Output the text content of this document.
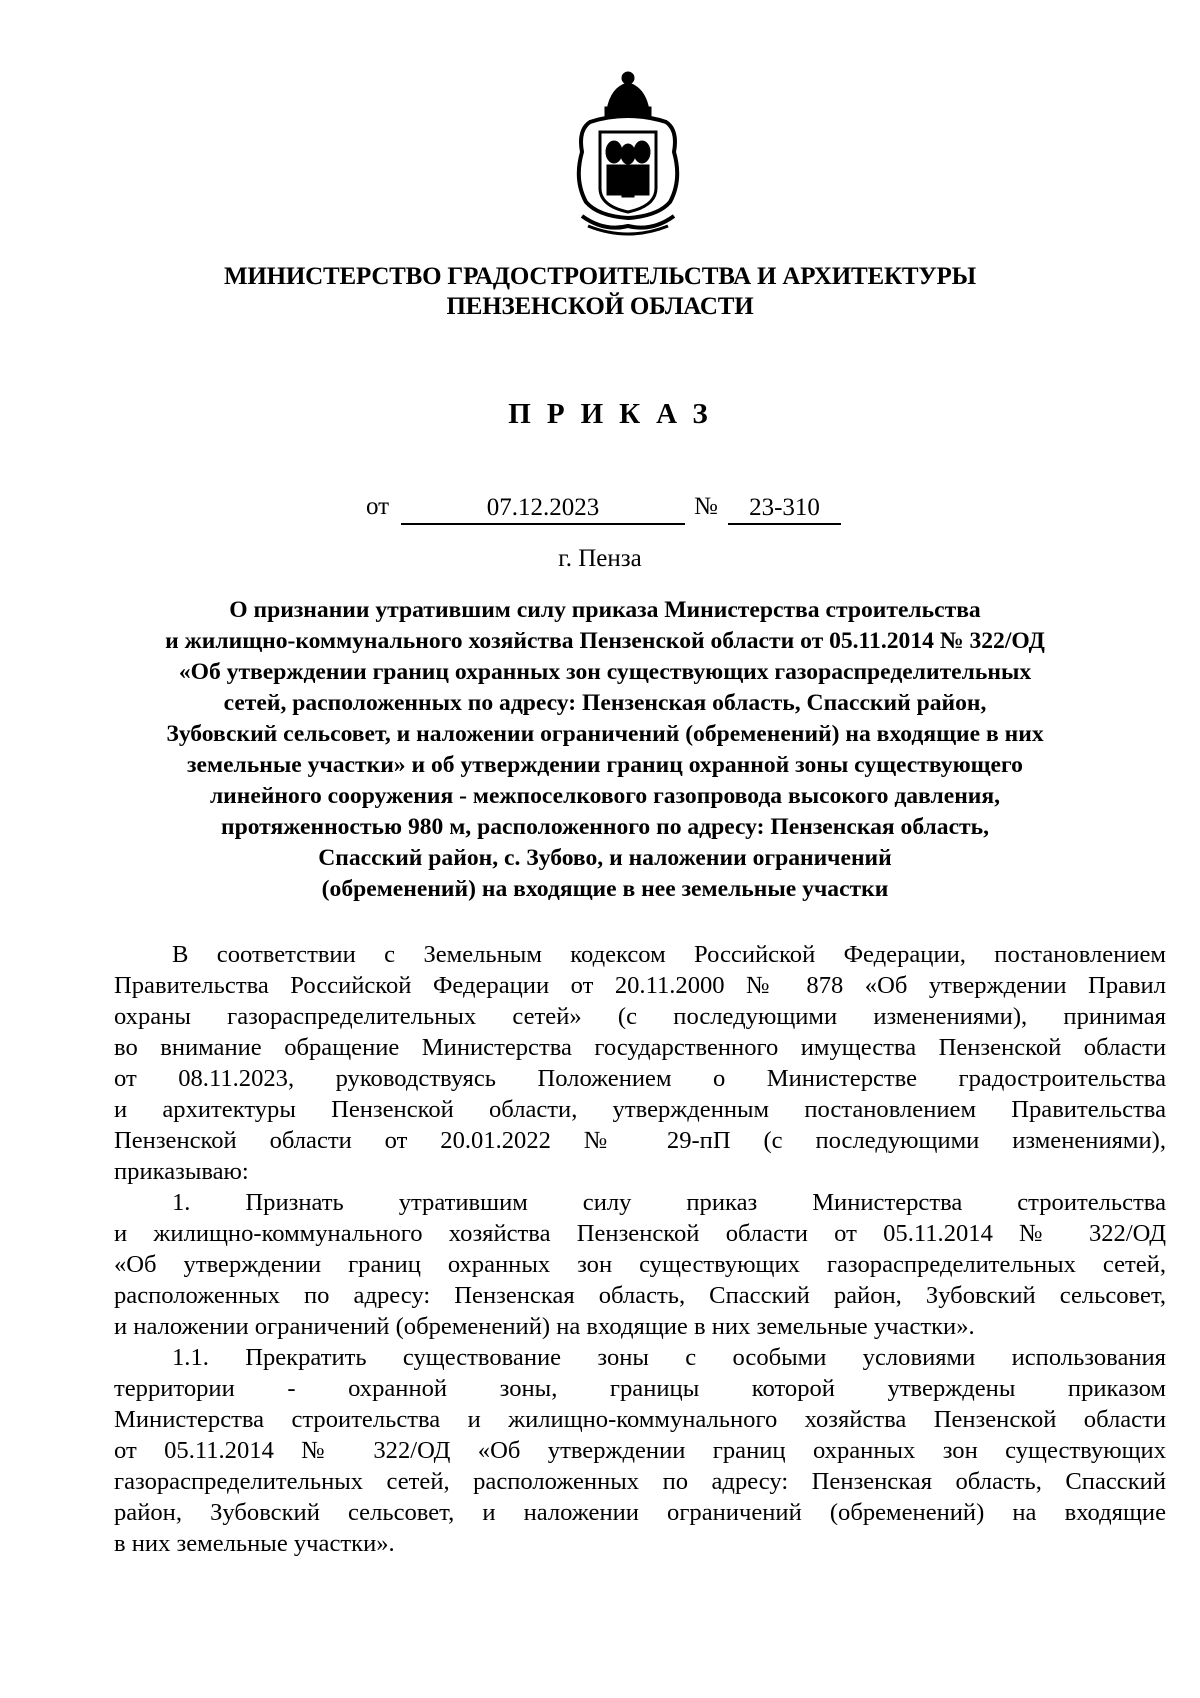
МИНИСТЕРСТВО ГРАДОСТРОИТЕЛЬСТВА И АРХИТЕКТУРЫ
ПЕНЗЕНСКОЙ ОБЛАСТИ
ПРИКАЗ
от	07.12.2023	№	23-310
г. Пенза
О признании утратившим силу приказа Министерства строительства
и жилищно-коммунального хозяйства Пензенской области от 05.11.2014 № 322/ОД
«Об утверждении границ охранных зон существующих газораспределительных
сетей, расположенных по адресу: Пензенская область, Спасский район,
Зубовский сельсовет, и наложении ограничений (обременений) на входящие в них
земельные участки» и об утверждении границ охранной зоны существующего
линейного сооружения - межпоселкового газопровода высокого давления,
протяженностью 980 м, расположенного по адресу: Пензенская область,
Спасский район, с. Зубово, и наложении ограничений
(обременений) на входящие в нее земельные участки

В соответствии с Земельным кодексом Российской Федерации, постановлением
Правительства Российской Федерации от 20.11.2000 № 878 «Об утверждении Правил
охраны газораспределительных сетей» (с последующими изменениями), принимая
во внимание обращение Министерства государственного имущества Пензенской области
от 08.11.2023, руководствуясь Положением о Министерстве градостроительства
и архитектуры Пензенской области, утвержденным постановлением Правительства
Пензенской области от 20.01.2022 № 29-пП (с последующими изменениями),
приказываю:

1. Признать утратившим силу приказ Министерства строительства
и жилищно-коммунального хозяйства Пензенской области от 05.11.2014 № 322/ОД
«Об утверждении границ охранных зон существующих газораспределительных сетей,
расположенных по адресу: Пензенская область, Спасский район, Зубовский сельсовет,
и наложении ограничений (обременений) на входящие в них земельные участки».

1.1. Прекратить существование зоны с особыми условиями использования
территории - охранной зоны, границы которой утверждены приказом
Министерства строительства и жилищно-коммунального хозяйства Пензенской области
от 05.11.2014 № 322/ОД «Об утверждении границ охранных зон существующих
газораспределительных сетей, расположенных по адресу: Пензенская область, Спасский
район, Зубовский сельсовет, и наложении ограничений (обременений) на входящие
в них земельные участки».
